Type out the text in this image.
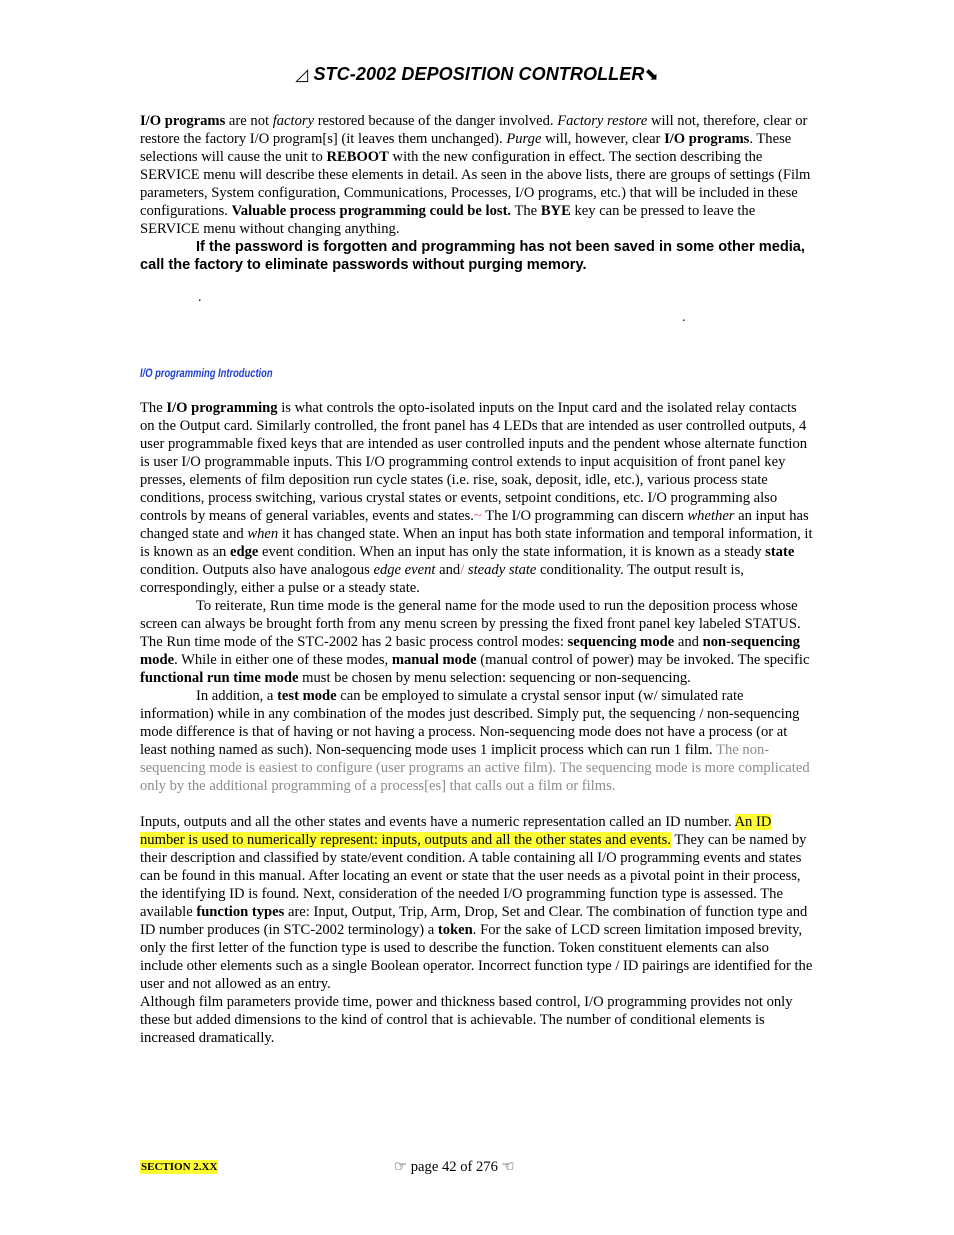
◿ STC-2002 DEPOSITION CONTROLLER⬊

I/O programs are not factory restored because of the danger involved. Factory restore will not, therefore, clear or restore the factory I/O program[s] (it leaves them unchanged). Purge will, however, clear I/O programs. These selections will cause the unit to REBOOT with the new configuration in effect. The section describing the SERVICE menu will describe these elements in detail. As seen in the above lists, there are groups of settings (Film parameters, System configuration, Communications, Processes, I/O programs, etc.) that will be included in these configurations. Valuable process programming could be lost. The BYE key can be pressed to leave the SERVICE menu without changing anything.

If the password is forgotten and programming has not been saved in some other media, call the factory to eliminate passwords without purging memory.

.
.
I/O programming Introduction

The I/O programming is what controls the opto-isolated inputs on the Input card and the isolated relay contacts on the Output card. Similarly controlled, the front panel has 4 LEDs that are intended as user controlled outputs, 4 user programmable fixed keys that are intended as user controlled inputs and the pendent whose alternate function is user I/O programmable inputs. This I/O programming control extends to input acquisition of front panel key presses, elements of film deposition run cycle states (i.e. rise, soak, deposit, idle, etc.), various process state conditions, process switching, various crystal states or events, setpoint conditions, etc. I/O programming also controls by means of general variables, events and states.~ The I/O programming can discern whether an input has changed state and when it has changed state. When an input has both state information and temporal information, it is known as an edge event condition. When an input has only the state information, it is known as a steady state condition. Outputs also have analogous edge event and/ steady state conditionality. The output result is, correspondingly, either a pulse or a steady state.

To reiterate, Run time mode is the general name for the mode used to run the deposition process whose screen can always be brought forth from any menu screen by pressing the fixed front panel key labeled STATUS. The Run time mode of the STC-2002 has 2 basic process control modes: sequencing mode and non-sequencing mode. While in either one of these modes, manual mode (manual control of power) may be invoked. The specific functional run time mode must be chosen by menu selection: sequencing or non-sequencing.

In addition, a test mode can be employed to simulate a crystal sensor input (w/ simulated rate information) while in any combination of the modes just described. Simply put, the sequencing / non-sequencing mode difference is that of having or not having a process. Non-sequencing mode does not have a process (or at least nothing named as such). Non-sequencing mode uses 1 implicit process which can run 1 film. The non-sequencing mode is easiest to configure (user programs an active film). The sequencing mode is more complicated only by the additional programming of a process[es] that calls out a film or films.

Inputs, outputs and all the other states and events have a numeric representation called an ID number. An ID number is used to numerically represent: inputs, outputs and all the other states and events. They can be named by their description and classified by state/event condition. A table containing all I/O programming events and states can be found in this manual. After locating an event or state that the user needs as a pivotal point in their process, the identifying ID is found. Next, consideration of the needed I/O programming function type is assessed. The available function types are: Input, Output, Trip, Arm, Drop, Set and Clear. The combination of function type and ID number produces (in STC-2002 terminology) a token. For the sake of LCD screen limitation imposed brevity, only the first letter of the function type is used to describe the function. Token constituent elements can also include other elements such as a single Boolean operator. Incorrect function type / ID pairings are identified for the user and not allowed as an entry.

Although film parameters provide time, power and thickness based control, I/O programming provides not only these but added dimensions to the kind of control that is achievable. The number of conditional elements is increased dramatically.

SECTION 2.XX	☞ page 42 of 276 ☜
